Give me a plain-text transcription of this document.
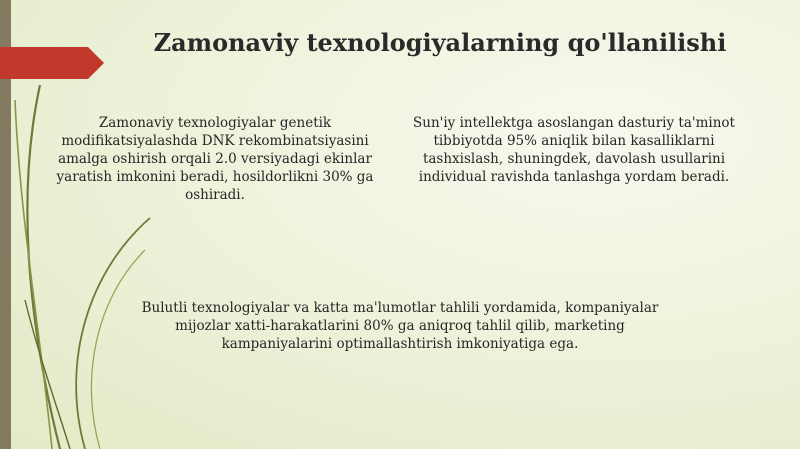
Zamonaviy texnologiyalarning qo'llanilishi

Zamonaviy texnologiyalar genetik modifikatsiyalashda DNK rekombinatsiyasini amalga oshirish orqali 2.0 versiyadagi ekinlar yaratish imkonini beradi, hosildorlikni 30% ga oshiradi.

Sun'iy intellektga asoslangan dasturiy ta'minot tibbiyotda 95% aniqlik bilan kasalliklarni tashxislash, shuningdek, davolash usullarini individual ravishda tanlashga yordam beradi.

Bulutli texnologiyalar va katta ma'lumotlar tahlili yordamida, kompaniyalar mijozlar xatti-harakatlarini 80% ga aniqroq tahlil qilib, marketing kampaniyalarini optimallashtirish imkoniyatiga ega.
